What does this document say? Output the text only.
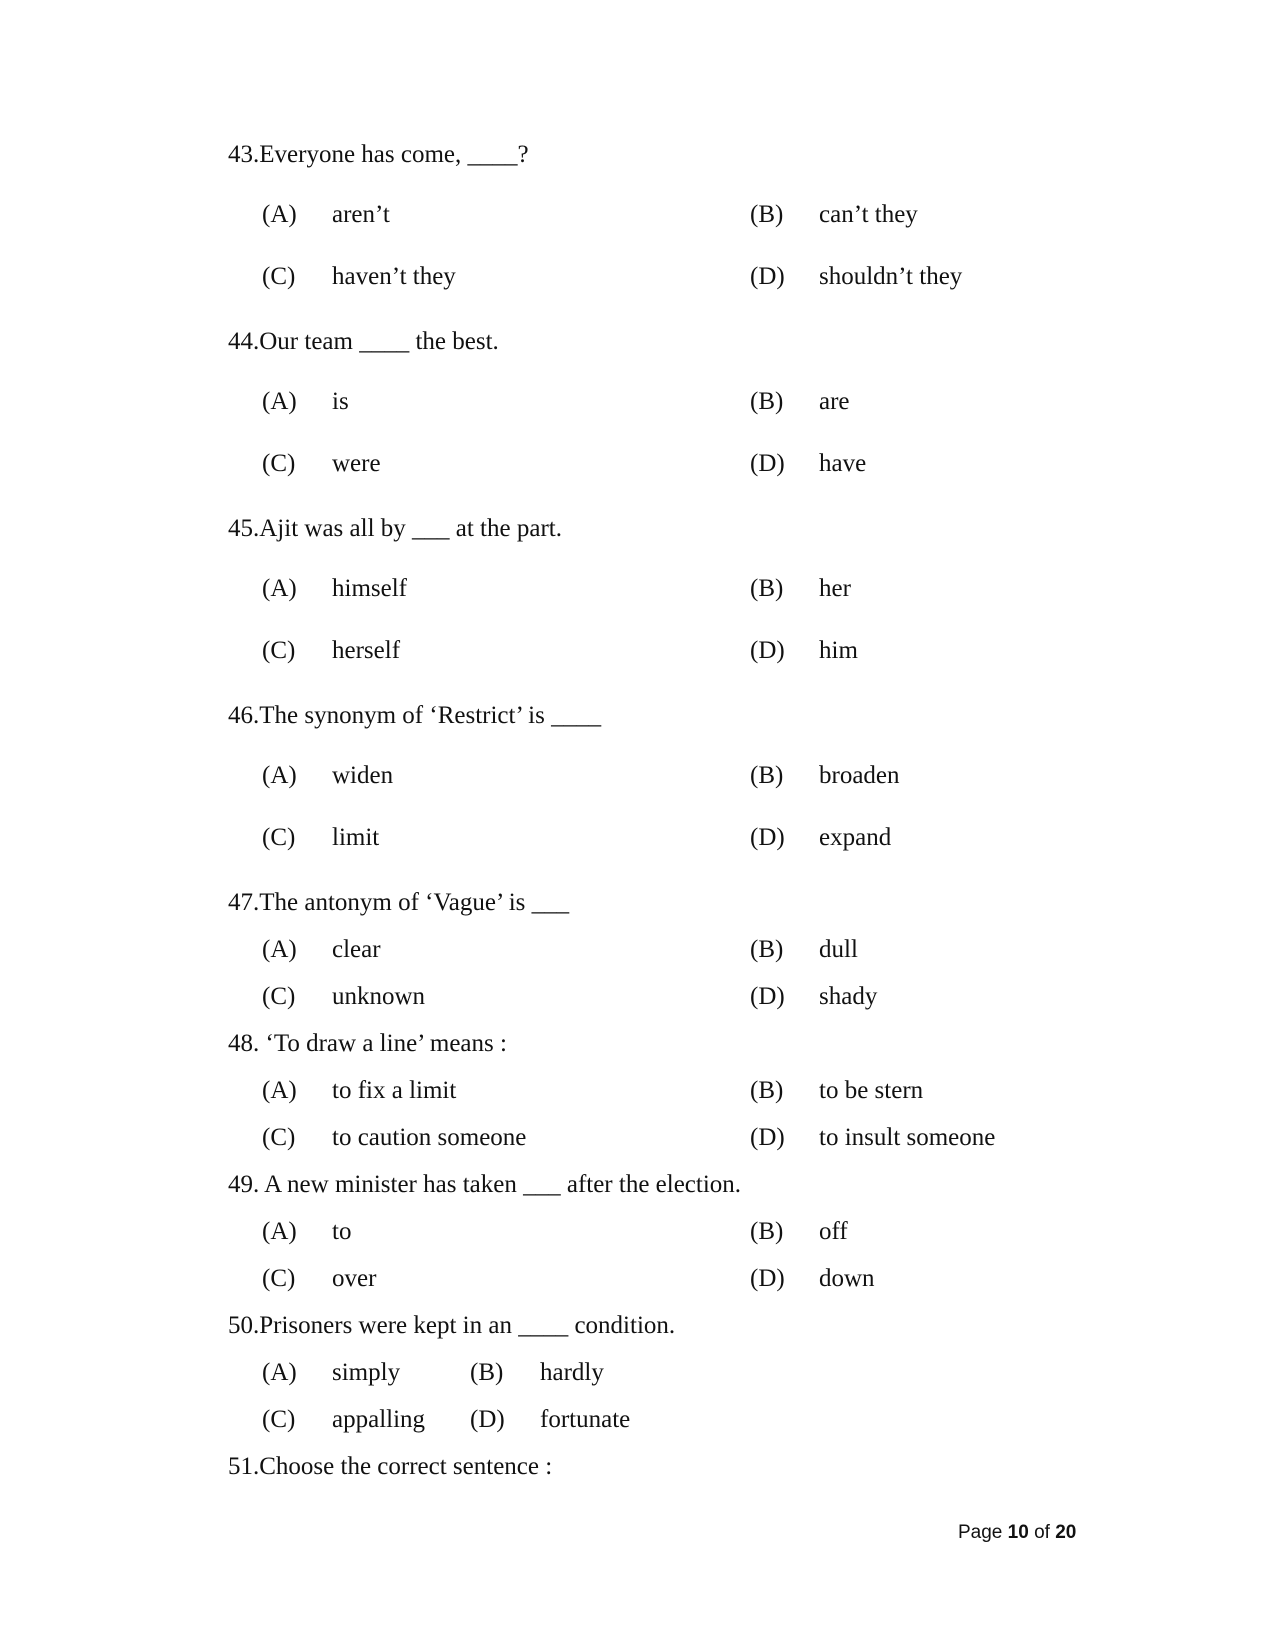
43.Everyone has come, ____?
(A) aren’t	(B) can’t they
(C) haven’t they	(D) shouldn’t they
44.Our team ____ the best.
(A) is	(B) are
(C) were	(D) have
45.Ajit was all by ___ at the part.
(A) himself	(B) her
(C) herself	(D) him
46.The synonym of ‘Restrict’ is ____
(A) widen	(B) broaden
(C) limit	(D) expand
47.The antonym of ‘Vague’ is ___
(A) clear	(B) dull
(C) unknown	(D) shady
48. ‘To draw a line’ means :
(A) to fix a limit	(B) to be stern
(C) to caution someone	(D) to insult someone
49. A new minister has taken ___ after the election.
(A) to	(B) off
(C) over	(D) down
50.Prisoners were kept in an ____ condition.
(A) simply	(B) hardly
(C) appalling (D) fortunate
51.Choose the correct sentence :
Page 10 of 20
